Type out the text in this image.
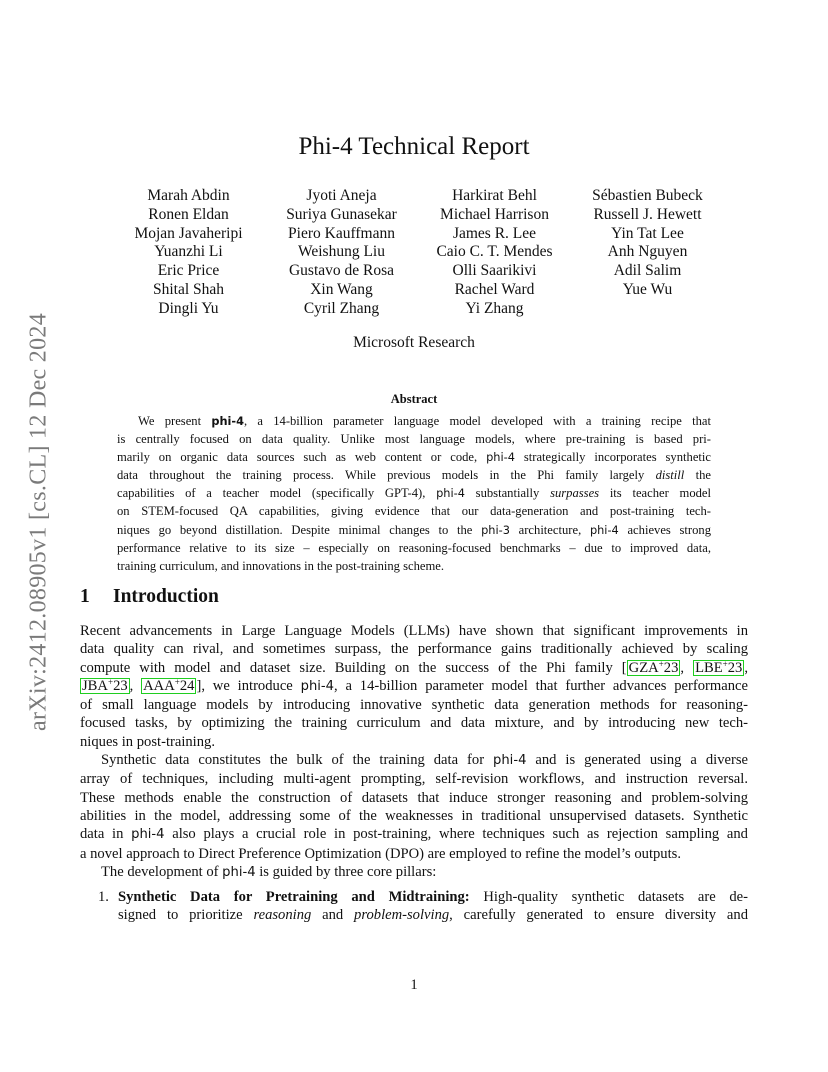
arXiv:2412.08905v1 [cs.CL] 12 Dec 2024
Phi-4 Technical Report
Marah Abdin
Ronen Eldan
Mojan Javaheripi
Yuanzhi Li
Eric Price
Shital Shah
Dingli Yu
Jyoti Aneja
Suriya Gunasekar
Piero Kauffmann
Weishung Liu
Gustavo de Rosa
Xin Wang
Cyril Zhang
Harkirat Behl
Michael Harrison
James R. Lee
Caio C. T. Mendes
Olli Saarikivi
Rachel Ward
Yi Zhang
Sébastien Bubeck
Russell J. Hewett
Yin Tat Lee
Anh Nguyen
Adil Salim
Yue Wu
Microsoft Research
Abstract
We present phi-4, a 14-billion parameter language model developed with a training recipe that
is centrally focused on data quality. Unlike most language models, where pre-training is based pri-
marily on organic data sources such as web content or code, phi-4 strategically incorporates synthetic
data throughout the training process. While previous models in the Phi family largely distill the
capabilities of a teacher model (specifically GPT-4), phi-4 substantially surpasses its teacher model
on STEM-focused QA capabilities, giving evidence that our data-generation and post-training tech-
niques go beyond distillation. Despite minimal changes to the phi-3 architecture, phi-4 achieves strong
performance relative to its size – especially on reasoning-focused benchmarks – due to improved data,
training curriculum, and innovations in the post-training scheme.
1 Introduction
Recent advancements in Large Language Models (LLMs) have shown that significant improvements in
data quality can rival, and sometimes surpass, the performance gains traditionally achieved by scaling
compute with model and dataset size. Building on the success of the Phi family [ GZA+23 , LBE+23 ,
JBA+23 , AAA+24 ], we introduce phi-4, a 14-billion parameter model that further advances performance
of small language models by introducing innovative synthetic data generation methods for reasoning-
focused tasks, by optimizing the training curriculum and data mixture, and by introducing new tech-
niques in post-training.
Synthetic data constitutes the bulk of the training data for phi-4 and is generated using a diverse
array of techniques, including multi-agent prompting, self-revision workflows, and instruction reversal.
These methods enable the construction of datasets that induce stronger reasoning and problem-solving
abilities in the model, addressing some of the weaknesses in traditional unsupervised datasets. Synthetic
data in phi-4 also plays a crucial role in post-training, where techniques such as rejection sampling and
a novel approach to Direct Preference Optimization (DPO) are employed to refine the model’s outputs.
The development of phi-4 is guided by three core pillars:
1. Synthetic Data for Pretraining and Midtraining: High-quality synthetic datasets are de-
signed to prioritize reasoning and problem-solving, carefully generated to ensure diversity and
1
